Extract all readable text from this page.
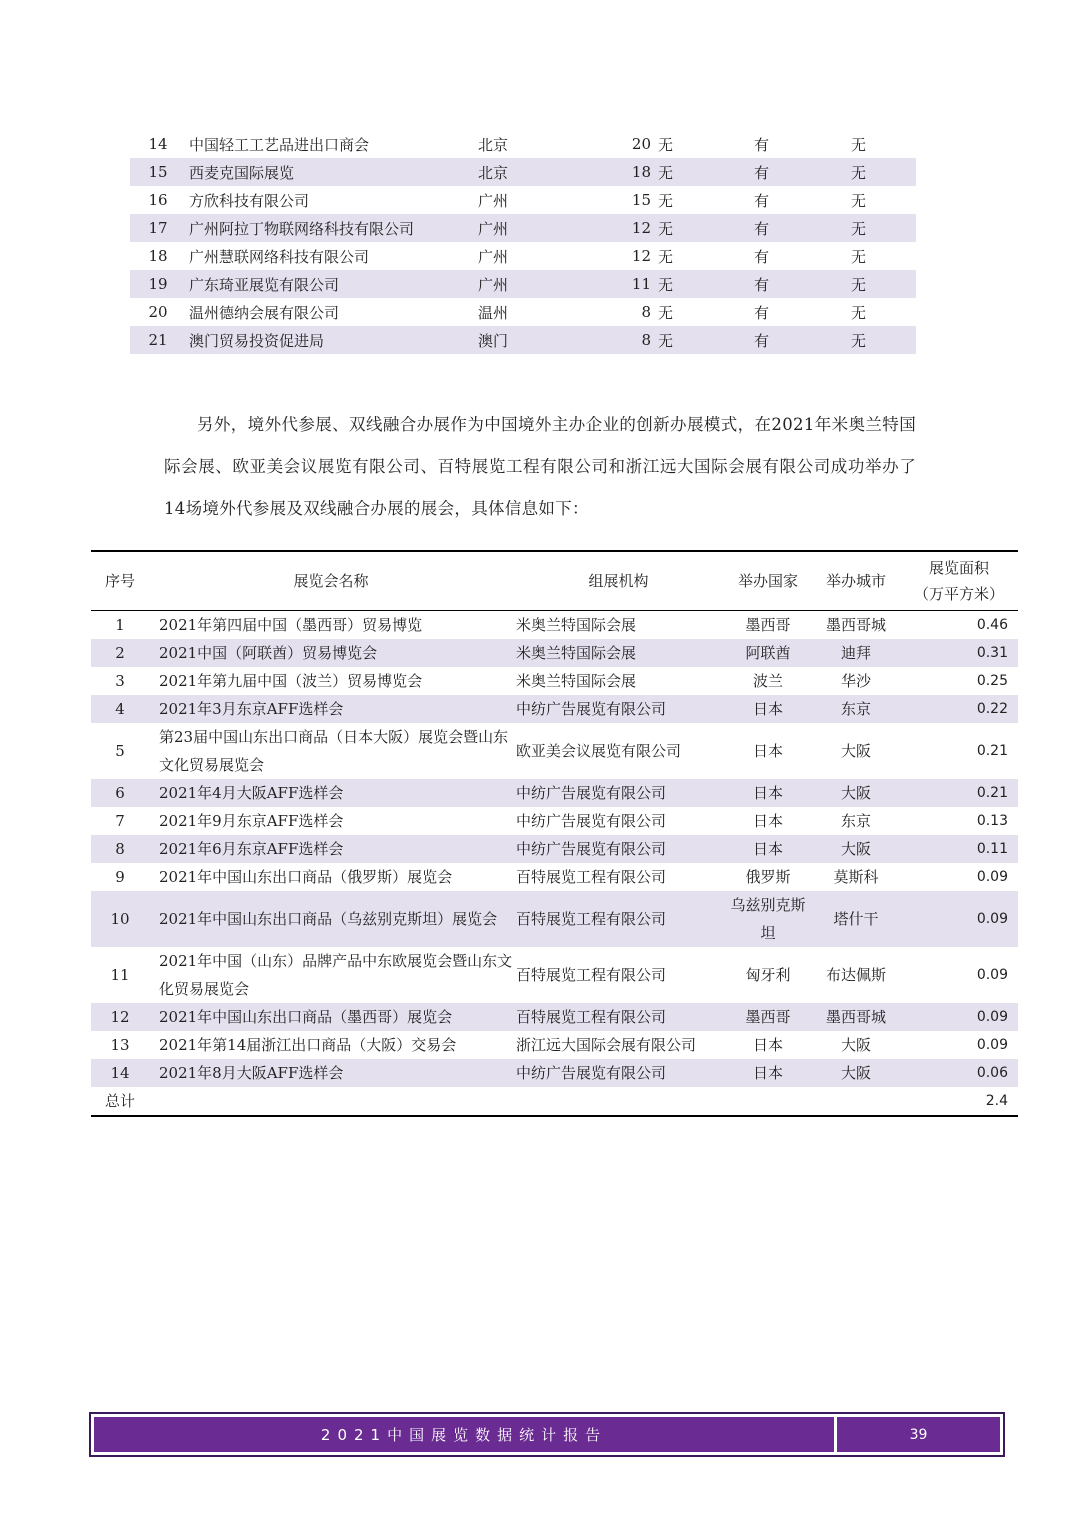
14	中国轻工工艺品进出口商会	北京	20	无	有	无
15	西麦克国际展览	北京	18	无	有	无
16	方欣科技有限公司	广州	15	无	有	无
17	广州阿拉丁物联网络科技有限公司	广州	12	无	有	无
18	广州慧联网络科技有限公司	广州	12	无	有	无
19	广东琦亚展览有限公司	广州	11	无	有	无
20	温州德纳会展有限公司	温州	8	无	有	无
21	澳门贸易投资促进局	澳门	8	无	有	无

另外，境外代参展、双线融合办展作为中国境外主办企业的创新办展模式，在2021年米奥兰特国际会展、欧亚美会议展览有限公司、百特展览工程有限公司和浙江远大国际会展有限公司成功举办了14场境外代参展及双线融合办展的展会，具体信息如下：

序号	展览会名称	组展机构	举办国家	举办城市	展览面积
（万平方米）

1	2021年第四届中国（墨西哥）贸易博览	米奥兰特国际会展	墨西哥	墨西哥城	0.46
2	2021中国（阿联酋）贸易博览会	米奥兰特国际会展	阿联酋	迪拜	0.31
3	2021年第九届中国（波兰）贸易博览会	米奥兰特国际会展	波兰	华沙	0.25
4	2021年3月东京AFF选样会	中纺广告展览有限公司	日本	东京	0.22
5	第23届中国山东出口商品（日本大阪）展览会暨山东文化贸易展览会	欧亚美会议展览有限公司	日本	大阪	0.21
6	2021年4月大阪AFF选样会	中纺广告展览有限公司	日本	大阪	0.21
7	2021年9月东京AFF选样会	中纺广告展览有限公司	日本	东京	0.13
8	2021年6月东京AFF选样会	中纺广告展览有限公司	日本	大阪	0.11
9	2021年中国山东出口商品（俄罗斯）展览会	百特展览工程有限公司	俄罗斯	莫斯科	0.09
10	2021年中国山东出口商品（乌兹别克斯坦）展览会	百特展览工程有限公司	乌兹别克斯坦	塔什干	0.09
11	2021年中国（山东）品牌产品中东欧展览会暨山东文化贸易展览会	百特展览工程有限公司	匈牙利	布达佩斯	0.09
12	2021年中国山东出口商品（墨西哥）展览会	百特展览工程有限公司	墨西哥	墨西哥城	0.09
13	2021年第14届浙江出口商品（大阪）交易会	浙江远大国际会展有限公司	日本	大阪	0.09
14	2021年8月大阪AFF选样会	中纺广告展览有限公司	日本	大阪	0.06
总计					2.4
2021中国展览数据统计报告	39
